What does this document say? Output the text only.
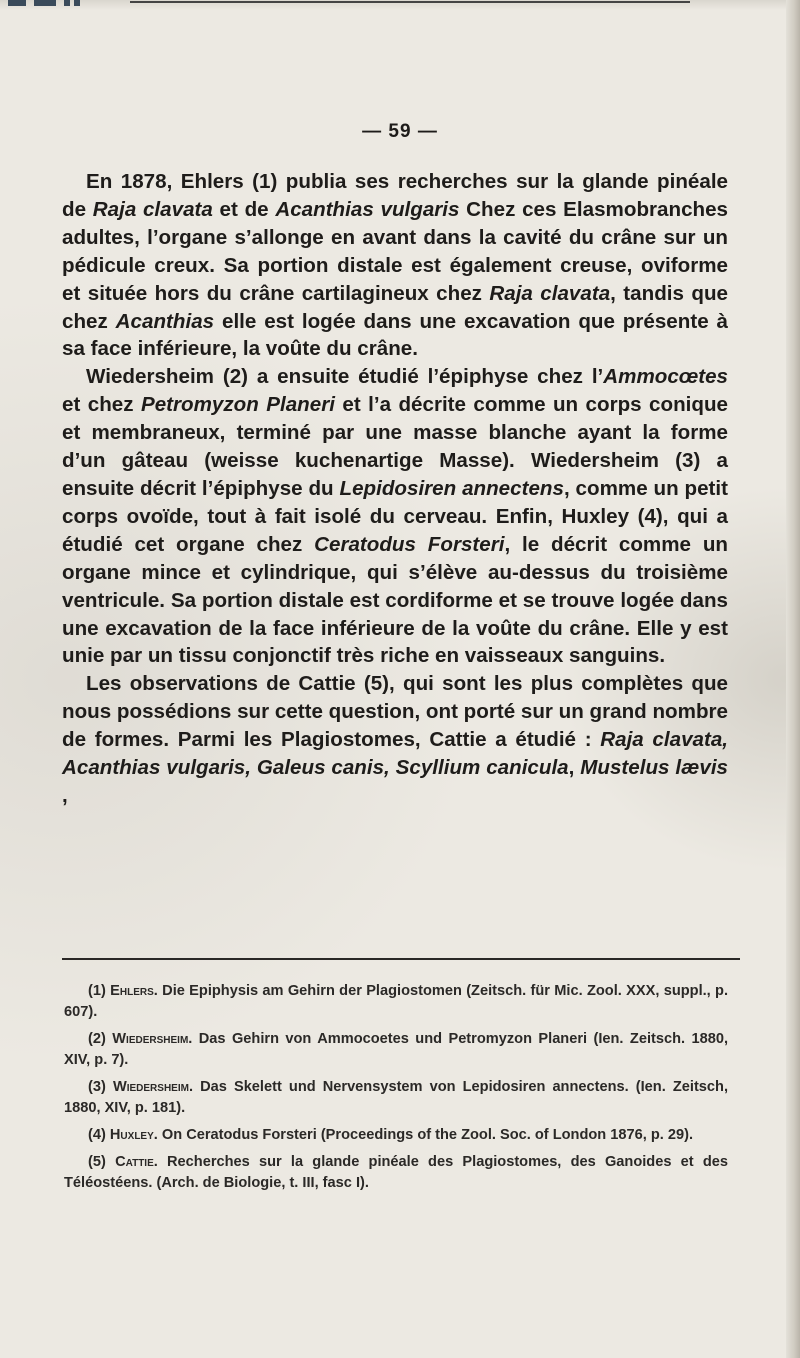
— 59 —

En 1878, Ehlers (1) publia ses recherches sur la glande pinéale de Raja clavata et de Acanthias vulgaris Chez ces Elasmobranches adultes, l’organe s’allonge en avant dans la cavité du crâne sur un pédicule creux. Sa portion distale est également creuse, oviforme et située hors du crâne cartilagineux chez Raja clavata, tandis que chez Acanthias elle est logée dans une excavation que présente à sa face inférieure, la voûte du crâne.

Wiedersheim (2) a ensuite étudié l’épiphyse chez l’Ammocœtes et chez Petromyzon Planeri et l’a décrite comme un corps conique et membraneux, terminé par une masse blanche ayant la forme d’un gâteau (weisse kuchenartige Masse). Wiedersheim (3) a ensuite décrit l’épiphyse du Lepidosiren annectens, comme un petit corps ovoïde, tout à fait isolé du cerveau. Enfin, Huxley (4), qui a étudié cet organe chez Ceratodus Forsteri, le décrit comme un organe mince et cylindrique, qui s’élève au-dessus du troisième ventricule. Sa portion distale est cordiforme et se trouve logée dans une excavation de la face inférieure de la voûte du crâne. Elle y est unie par un tissu conjonctif très riche en vaisseaux sanguins.

Les observations de Cattie (5), qui sont les plus complètes que nous possédions sur cette question, ont porté sur un grand nombre de formes. Parmi les Plagiostomes, Cattie a étudié : Raja clavata, Acanthias vulgaris, Galeus canis, Scyllium canicula, Mustelus lævis ,

(1) Ehlers. Die Epiphysis am Gehirn der Plagiostomen (Zeitsch. für Mic. Zool. XXX, suppl., p. 607).

(2) Wiedersheim. Das Gehirn von Ammocoetes und Petromyzon Planeri (Ien. Zeitsch. 1880, XIV, p. 7).

(3) Wiedersheim. Das Skelett und Nervensystem von Lepidosiren annectens. (Ien. Zeitsch, 1880, XIV, p. 181).

(4) Huxley. On Ceratodus Forsteri (Proceedings of the Zool. Soc. of London 1876, p. 29).

(5) Cattie. Recherches sur la glande pinéale des Plagiostomes, des Ganoides et des Téléostéens. (Arch. de Biologie, t. III, fasc I).
